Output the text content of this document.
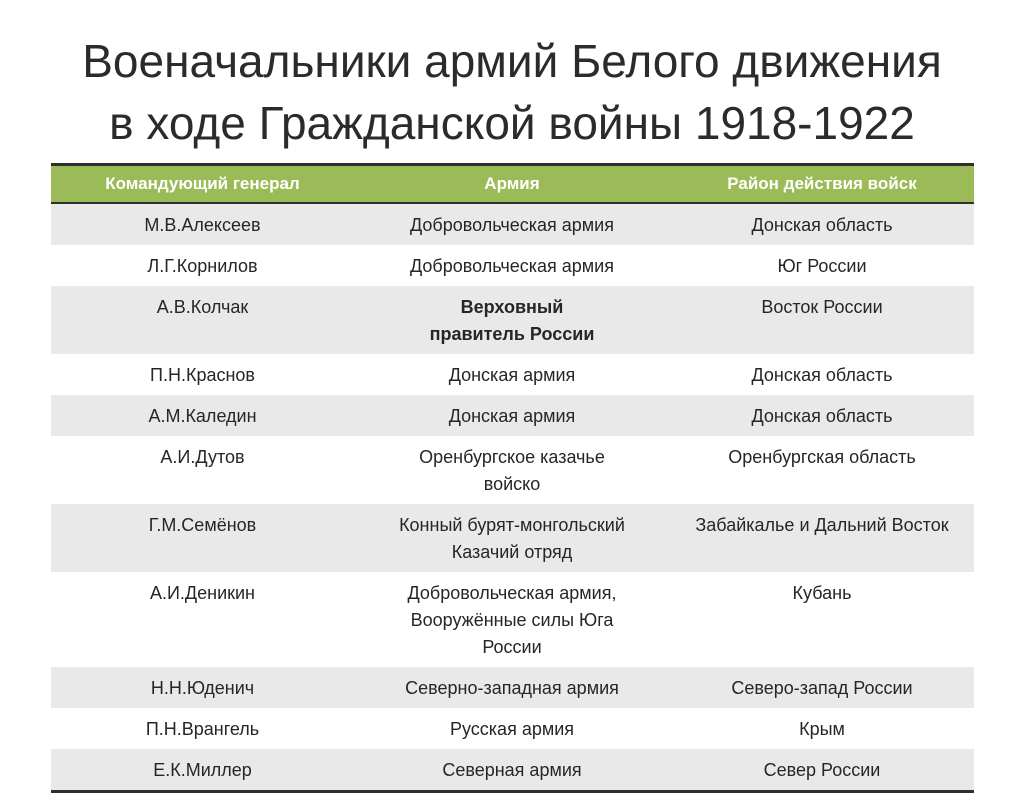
Военачальники армий Белого движения
в ходе Гражданской войны 1918-1922
Командующий генерал	Армия	Район действия войск
М.В.Алексеев	Добровольческая армия	Донская область
Л.Г.Корнилов	Добровольческая армия	Юг России
А.В.Колчак	Верховный правитель России	Восток России
П.Н.Краснов	Донская армия	Донская область
А.М.Каледин	Донская армия	Донская область
А.И.Дутов	Оренбургское казачье войско	Оренбургская область
Г.М.Семёнов	Конный бурят-монгольский Казачий отряд	Забайкалье и Дальний Восток
А.И.Деникин	Добровольческая армия, Вооружённые силы Юга России	Кубань
Н.Н.Юденич	Северно-западная армия	Северо-запад России
П.Н.Врангель	Русская армия	Крым
Е.К.Миллер	Северная армия	Север России
